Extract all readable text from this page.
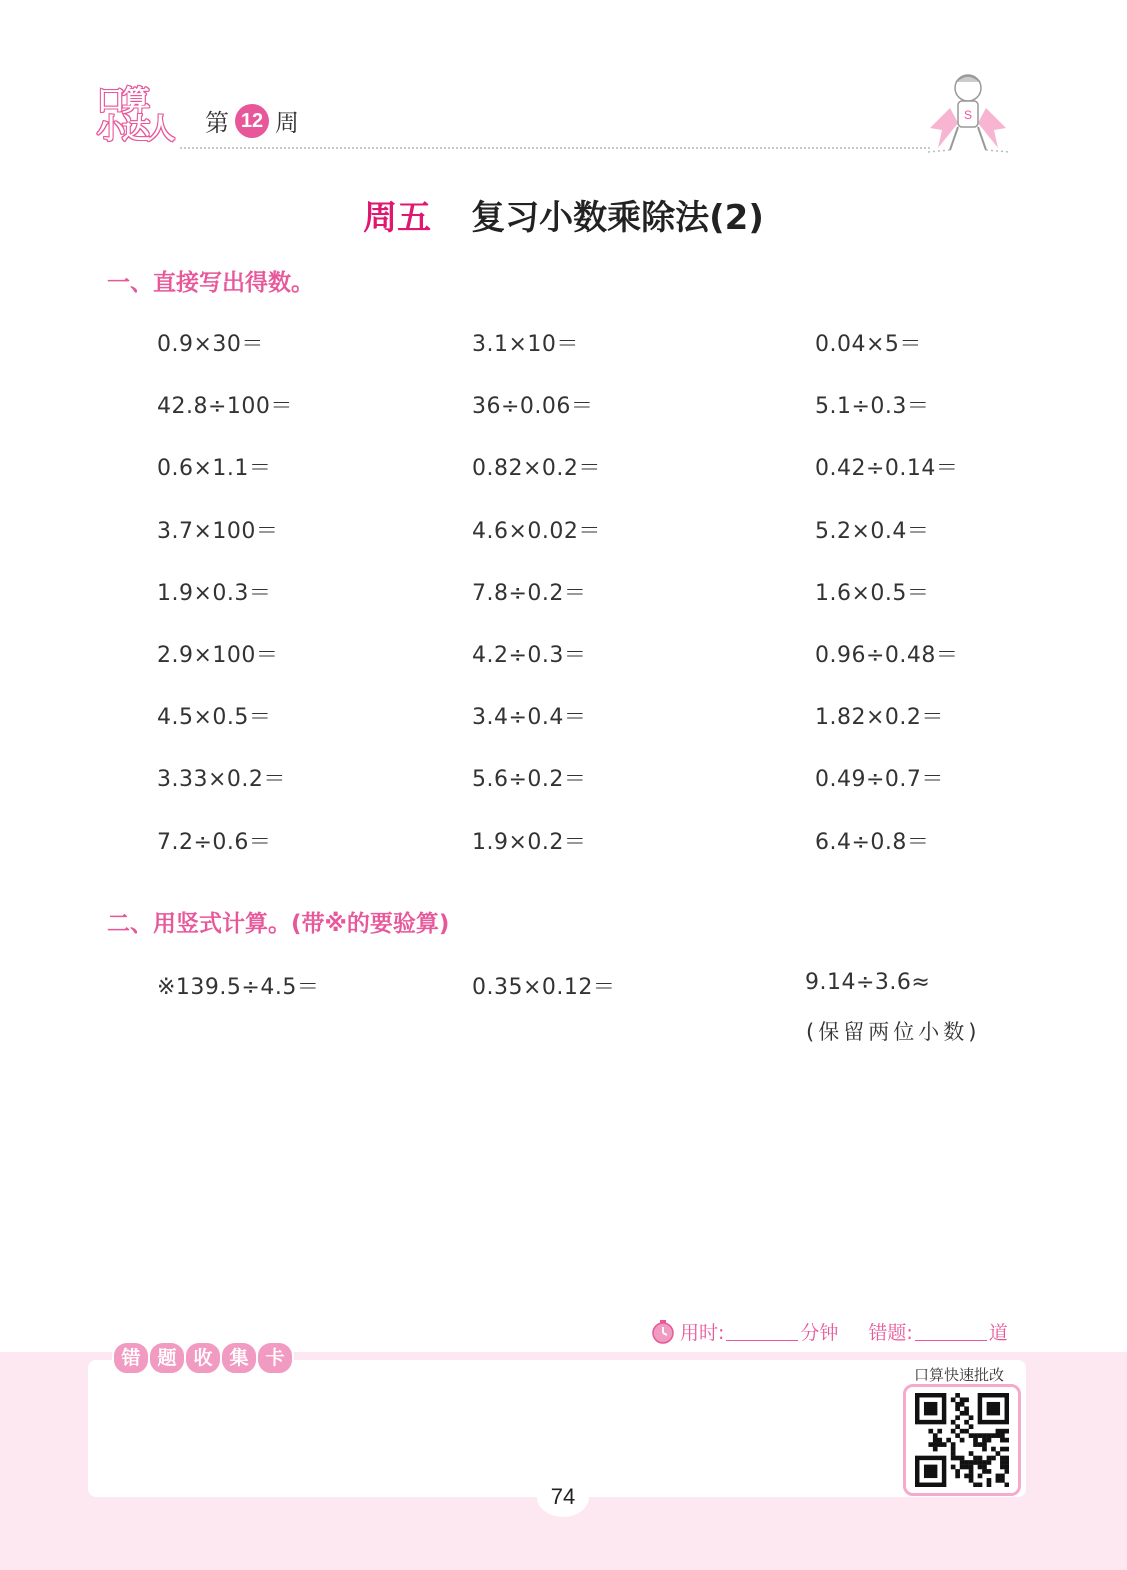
口算
小达人 第 12 周	S
周五 复习小数乘除法(2)
一、直接写出得数。
0.9×30＝	3.1×10＝	0.04×5＝
42.8÷100＝	36÷0.06＝	5.1÷0.3＝
0.6×1.1＝	0.82×0.2＝	0.42÷0.14＝
3.7×100＝	4.6×0.02＝	5.2×0.4＝
1.9×0.3＝	7.8÷0.2＝	1.6×0.5＝
2.9×100＝	4.2÷0.3＝	0.96÷0.48＝
4.5×0.5＝	3.4÷0.4＝	1.82×0.2＝
3.33×0.2＝	5.6÷0.2＝	0.49÷0.7＝
7.2÷0.6＝	1.9×0.2＝	6.4÷0.8＝
二、用竖式计算。(带※的要验算)
※139.5÷4.5＝	0.35×0.12＝	9.14÷3.6≈
(保留两位小数)
错 题 收 集 卡
用时:	分钟 错题:	道
口算快速批改
74
